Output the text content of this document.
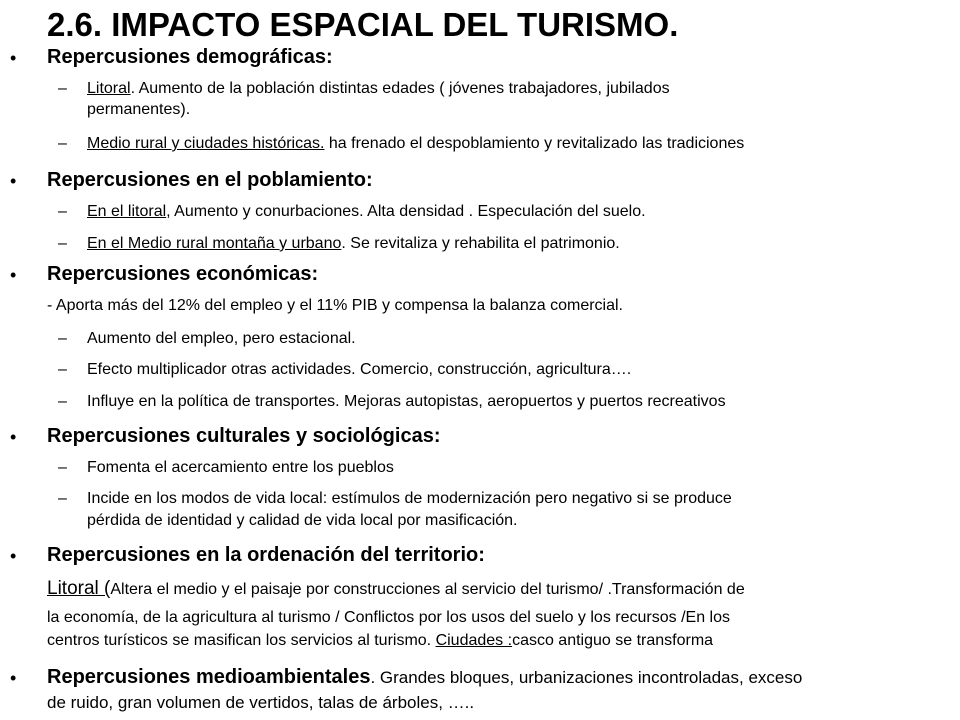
2.6. IMPACTO ESPACIAL DEL TURISMO.
• Repercusiones demográficas:
– Litoral. Aumento de la población distintas edades ( jóvenes trabajadores, jubilados
permanentes).
– Medio rural y ciudades históricas. ha frenado el despoblamiento y revitalizado las tradiciones
• Repercusiones en el poblamiento:
– En el litoral, Aumento y conurbaciones. Alta densidad . Especulación del suelo.
– En el Medio rural montaña y urbano. Se revitaliza y rehabilita el patrimonio.
• Repercusiones económicas:
- Aporta más del 12% del empleo y el 11% PIB y compensa la balanza comercial.
– Aumento del empleo, pero estacional.
– Efecto multiplicador otras actividades. Comercio, construcción, agricultura….
– Influye en la política de transportes. Mejoras autopistas, aeropuertos y puertos recreativos
• Repercusiones culturales y sociológicas:
– Fomenta el acercamiento entre los pueblos
– Incide en los modos de vida local: estímulos de modernización pero negativo si se produce
pérdida de identidad y calidad de vida local por masificación.
• Repercusiones en la ordenación del territorio:
Litoral (Altera el medio y el paisaje por construcciones al servicio del turismo/ .Transformación de
la economía, de la agricultura al turismo / Conflictos por los usos del suelo y los recursos /En los
centros turísticos se masifican los servicios al turismo. Ciudades :casco antiguo se transforma
• Repercusiones medioambientales. Grandes bloques, urbanizaciones incontroladas, exceso
de ruido, gran volumen de vertidos, talas de árboles, …..
